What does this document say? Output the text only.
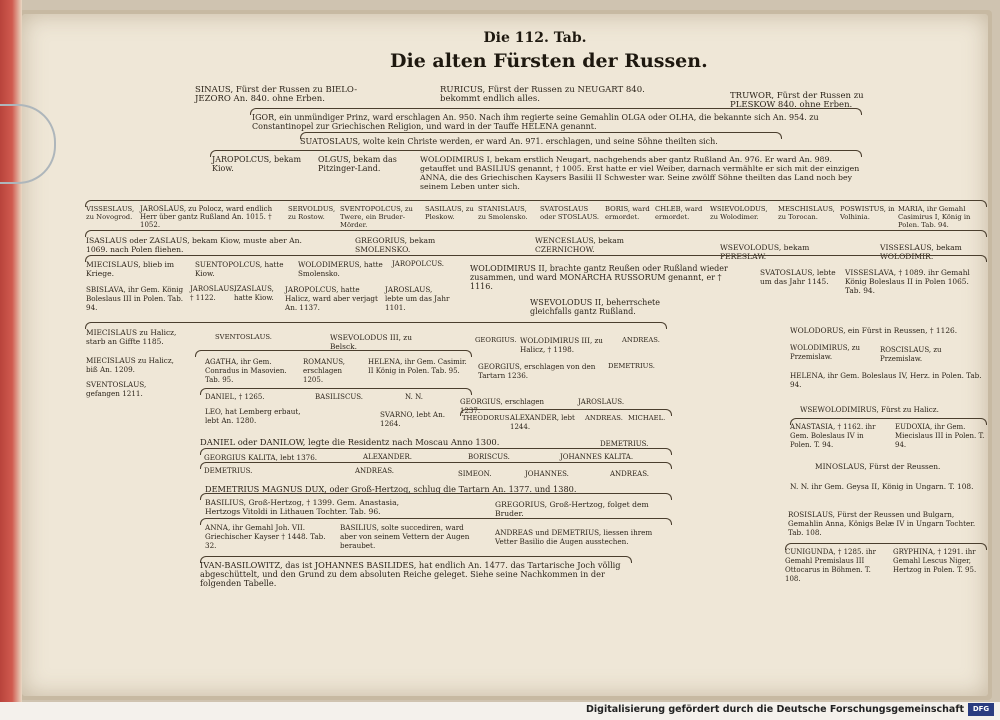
Die 112. Tab.
Die alten Fürsten der Russen.
SINAUS, Fürst der Russen zu BIELO-JEZORO An. 840. ohne Erben.
RURICUS, Fürst der Russen zu NEUGART 840. bekommt endlich alles.	TRUWOR, Fürst der Russen zu PLESKOW 840. ohne Erben.
IGOR, ein unmündiger Prinz, ward erschlagen An. 950. Nach ihm regierte seine Gemahlin OLGA oder OLHA, die bekannte sich An. 954. zu Constantinopel zur Griechischen Religion, und ward in der Tauffe HELENA genannt.
SUATOSLAUS, wolte kein Christe werden, er ward An. 971. erschlagen, und seine Söhne theilten sich.
JAROPOLCUS, bekam Kiow.
OLGUS, bekam das Pitzinger-Land.
WOLODIMIRUS I, bekam erstlich Neugart, nachgehends aber gantz Rußland An. 976. Er ward An. 989. getauffet und BASILIUS genannt, † 1005. Erst hatte er viel Weiber, darnach vermählte er sich mit der einzigen ANNA, die des Griechischen Kaysers Basilii II Schwester war. Seine zwölff Söhne theilten das Land noch bey seinem Leben unter sich.
VISSESLAUS, zu Novogrod.
JAROSLAUS, zu Polocz, ward endlich Herr über gantz Rußland An. 1015. † 1052.
SERVOLDUS, zu Rostow.
SVENTOPOLCUS, zu Twere, ein Bruder-Mörder.
SASILAUS, zu Pleskow.
STANISLAUS, zu Smolensko.
SVATOSLAUS oder STOSLAUS.
BORIS, ward ermordet.
CHLEB, ward ermordet.
WSIEVOLODUS, zu Wolodimer.
MESCHISLAUS, zu Torocan.
POSWISTUS, in Volhinia.
MARIA, ihr Gemahl Casimirus I, König in Polen. Tab. 94.
ISASLAUS oder ZASLAUS, bekam Kiow, muste aber An. 1069. nach Polen fliehen.
GREGORIUS, bekam SMOLENSKO.
WENCESLAUS, bekam CZERNICHOW.	WSEVOLODUS, bekam PERESLAW.
VISSESLAUS, bekam WOLODIMIR.
MIECISLAUS, blieb im Kriege.
SUENTOPOLCUS, hatte Kiow.
WOLODIMERUS, hatte Smolensko.
JAROPOLCUS.	WOLODIMIRUS II, brachte gantz Reußen oder Rußland wieder zusammen, und ward MONARCHA RUSSORUM genannt, er † 1116.
SVATOSLAUS, lebte um das Jahr 1145.
VISSESLAVA, † 1089. ihr Gemahl König Boleslaus II in Polen 1065. Tab. 94.
SBISLAVA, ihr Gem. König Boleslaus III in Polen. Tab. 94.
JAROSLAUS, † 1122.
IZASLAUS, hatte Kiow.
JAROPOLCUS, hatte Halicz, ward aber verjagt An. 1137.
JAROSLAUS, lebte um das Jahr 1101.
WSEVOLODUS II, beherrschete gleichfalls gantz Rußland.
MIECISLAUS zu Halicz, starb an Giffte 1185.	SVENTOSLAUS.	WSEVOLODUS III, zu Belsck.
GEORGIUS. WOLODIMIRUS III, zu Halicz, † 1198.
ANDREAS.
WOLODORUS, ein Fürst in Reussen, † 1126.
MIECISLAUS zu Halicz, biß An. 1209.
AGATHA, ihr Gem. Conradus in Masovien. Tab. 95.
ROMANUS, erschlagen 1205.
HELENA, ihr Gem. Casimir. II König in Polen. Tab. 95.	GEORGIUS, erschlagen von den Tartarn 1236.
DEMETRIUS.
WOLODIMIRUS, zu Przemislaw.
ROSCISLAUS, zu Przemislaw.
SVENTOSLAUS, gefangen 1211.
HELENA, ihr Gem. Boleslaus IV, Herz. in Polen. Tab. 94.
DANIEL, † 1265.	BASILISCUS.	N. N.
GEORGIUS, erschlagen 1237.
JAROSLAUS.
LEO, hat Lemberg erbaut, lebt An. 1280.
SVARNO, lebt An. 1264.
THEODORUS.
ALEXANDER, lebt 1244.
ANDREAS. MICHAEL.
WSEWOLODIMIRUS, Fürst zu Halicz.
ANASTASIA, † 1162. ihr Gem. Boleslaus IV in Polen. T. 94.
EUDOXIA, ihr Gem. Miecislaus III in Polen. T. 94.
DANIEL oder DANILOW, legte die Residentz nach Moscau Anno 1300.	DEMETRIUS.
GEORGIUS KALITA, lebt 1376.	ALEXANDER.	BORISCUS.	JOHANNES KALITA.
DEMETRIUS.	ANDREAS.	SIMEON.	JOHANNES.	ANDREAS.
MINOSLAUS, Fürst der Reussen.
DEMETRIUS MAGNUS DUX, oder Groß-Hertzog, schlug die Tartarn An. 1377. und 1380.	N. N. ihr Gem. Geysa II, König in Ungarn. T. 108.
BASILIUS, Groß-Hertzog, † 1399. Gem. Anastasia, Hertzogs Vitoldi in Lithauen Tochter. Tab. 96.
GREGORIUS, Groß-Hertzog, folget dem Bruder.	ROSISLAUS, Fürst der Reussen und Bulgarn, Gemahlin Anna, Königs Belæ IV in Ungarn Tochter. Tab. 108.
ANNA, ihr Gemahl Joh. VII. Griechischer Kayser † 1448. Tab. 32.
BASILIUS, solte succediren, ward aber von seinem Vettern der Augen beraubet.
ANDREAS und DEMETRIUS, liessen ihrem Vetter Basilio die Augen ausstechen.
CUNIGUNDA, † 1285. ihr Gemahl Premislaus III Ottocarus in Böhmen. T. 108.
GRYPHINA, † 1291. ihr Gemahl Lescus Niger, Hertzog in Polen. T. 95.
IVAN-BASILOWITZ, das ist JOHANNES BASILIDES, hat endlich An. 1477. das Tartarische Joch völlig abgeschüttelt, und den Grund zu dem absoluten Reiche geleget. Siehe seine Nachkommen in der folgenden Tabelle.
Digitalisierung gefördert durch die Deutsche Forschungsgemeinschaft	DFG
